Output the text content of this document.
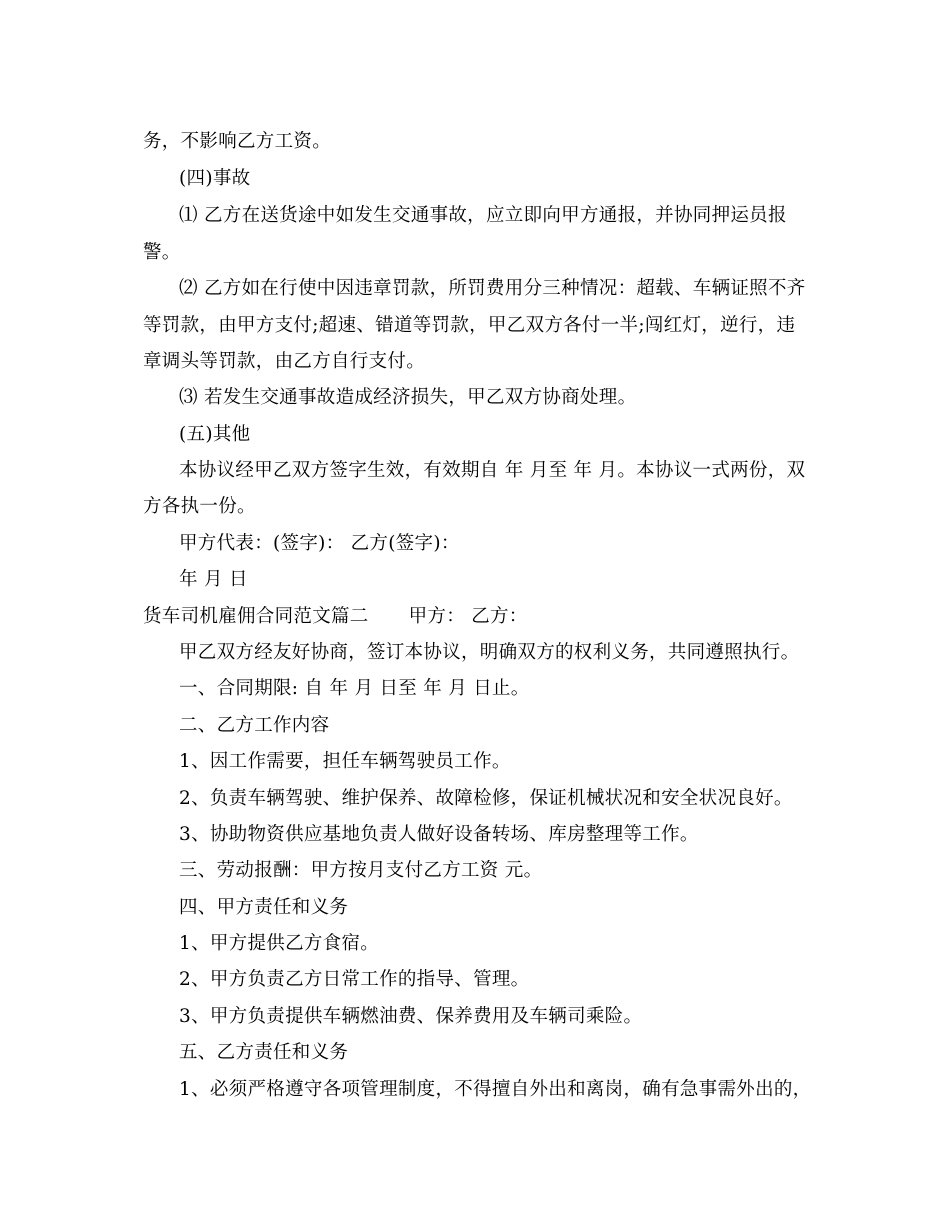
务，不影响乙方工资。
(四)事故
⑴ 乙方在送货途中如发生交通事故，应立即向甲方通报，并协同押运员报
警。
⑵ 乙方如在行使中因违章罚款，所罚费用分三种情况：超载、车辆证照不齐
等罚款，由甲方支付;超速、错道等罚款，甲乙双方各付一半;闯红灯，逆行，违
章调头等罚款，由乙方自行支付。
⑶ 若发生交通事故造成经济损失，甲乙双方协商处理。
(五)其他
本协议经甲乙双方签字生效，有效期自 年 月至 年 月。本协议一式两份，双
方各执一份。
甲方代表：(签字)： 乙方(签字)：
年 月 日
货车司机雇佣合同范文篇二 甲方： 乙方：
甲乙双方经友好协商，签订本协议，明确双方的权利义务，共同遵照执行。
一、合同期限: 自 年 月 日至 年 月 日止。
二、乙方工作内容
1、因工作需要，担任车辆驾驶员工作。
2、负责车辆驾驶、维护保养、故障检修，保证机械状况和安全状况良好。
3、协助物资供应基地负责人做好设备转场、库房整理等工作。
三、劳动报酬：甲方按月支付乙方工资 元。
四、甲方责任和义务
1、甲方提供乙方食宿。
2、甲方负责乙方日常工作的指导、管理。
3、甲方负责提供车辆燃油费、保养费用及车辆司乘险。
五、乙方责任和义务
1、必须严格遵守各项管理制度，不得擅自外出和离岗，确有急事需外出的，
